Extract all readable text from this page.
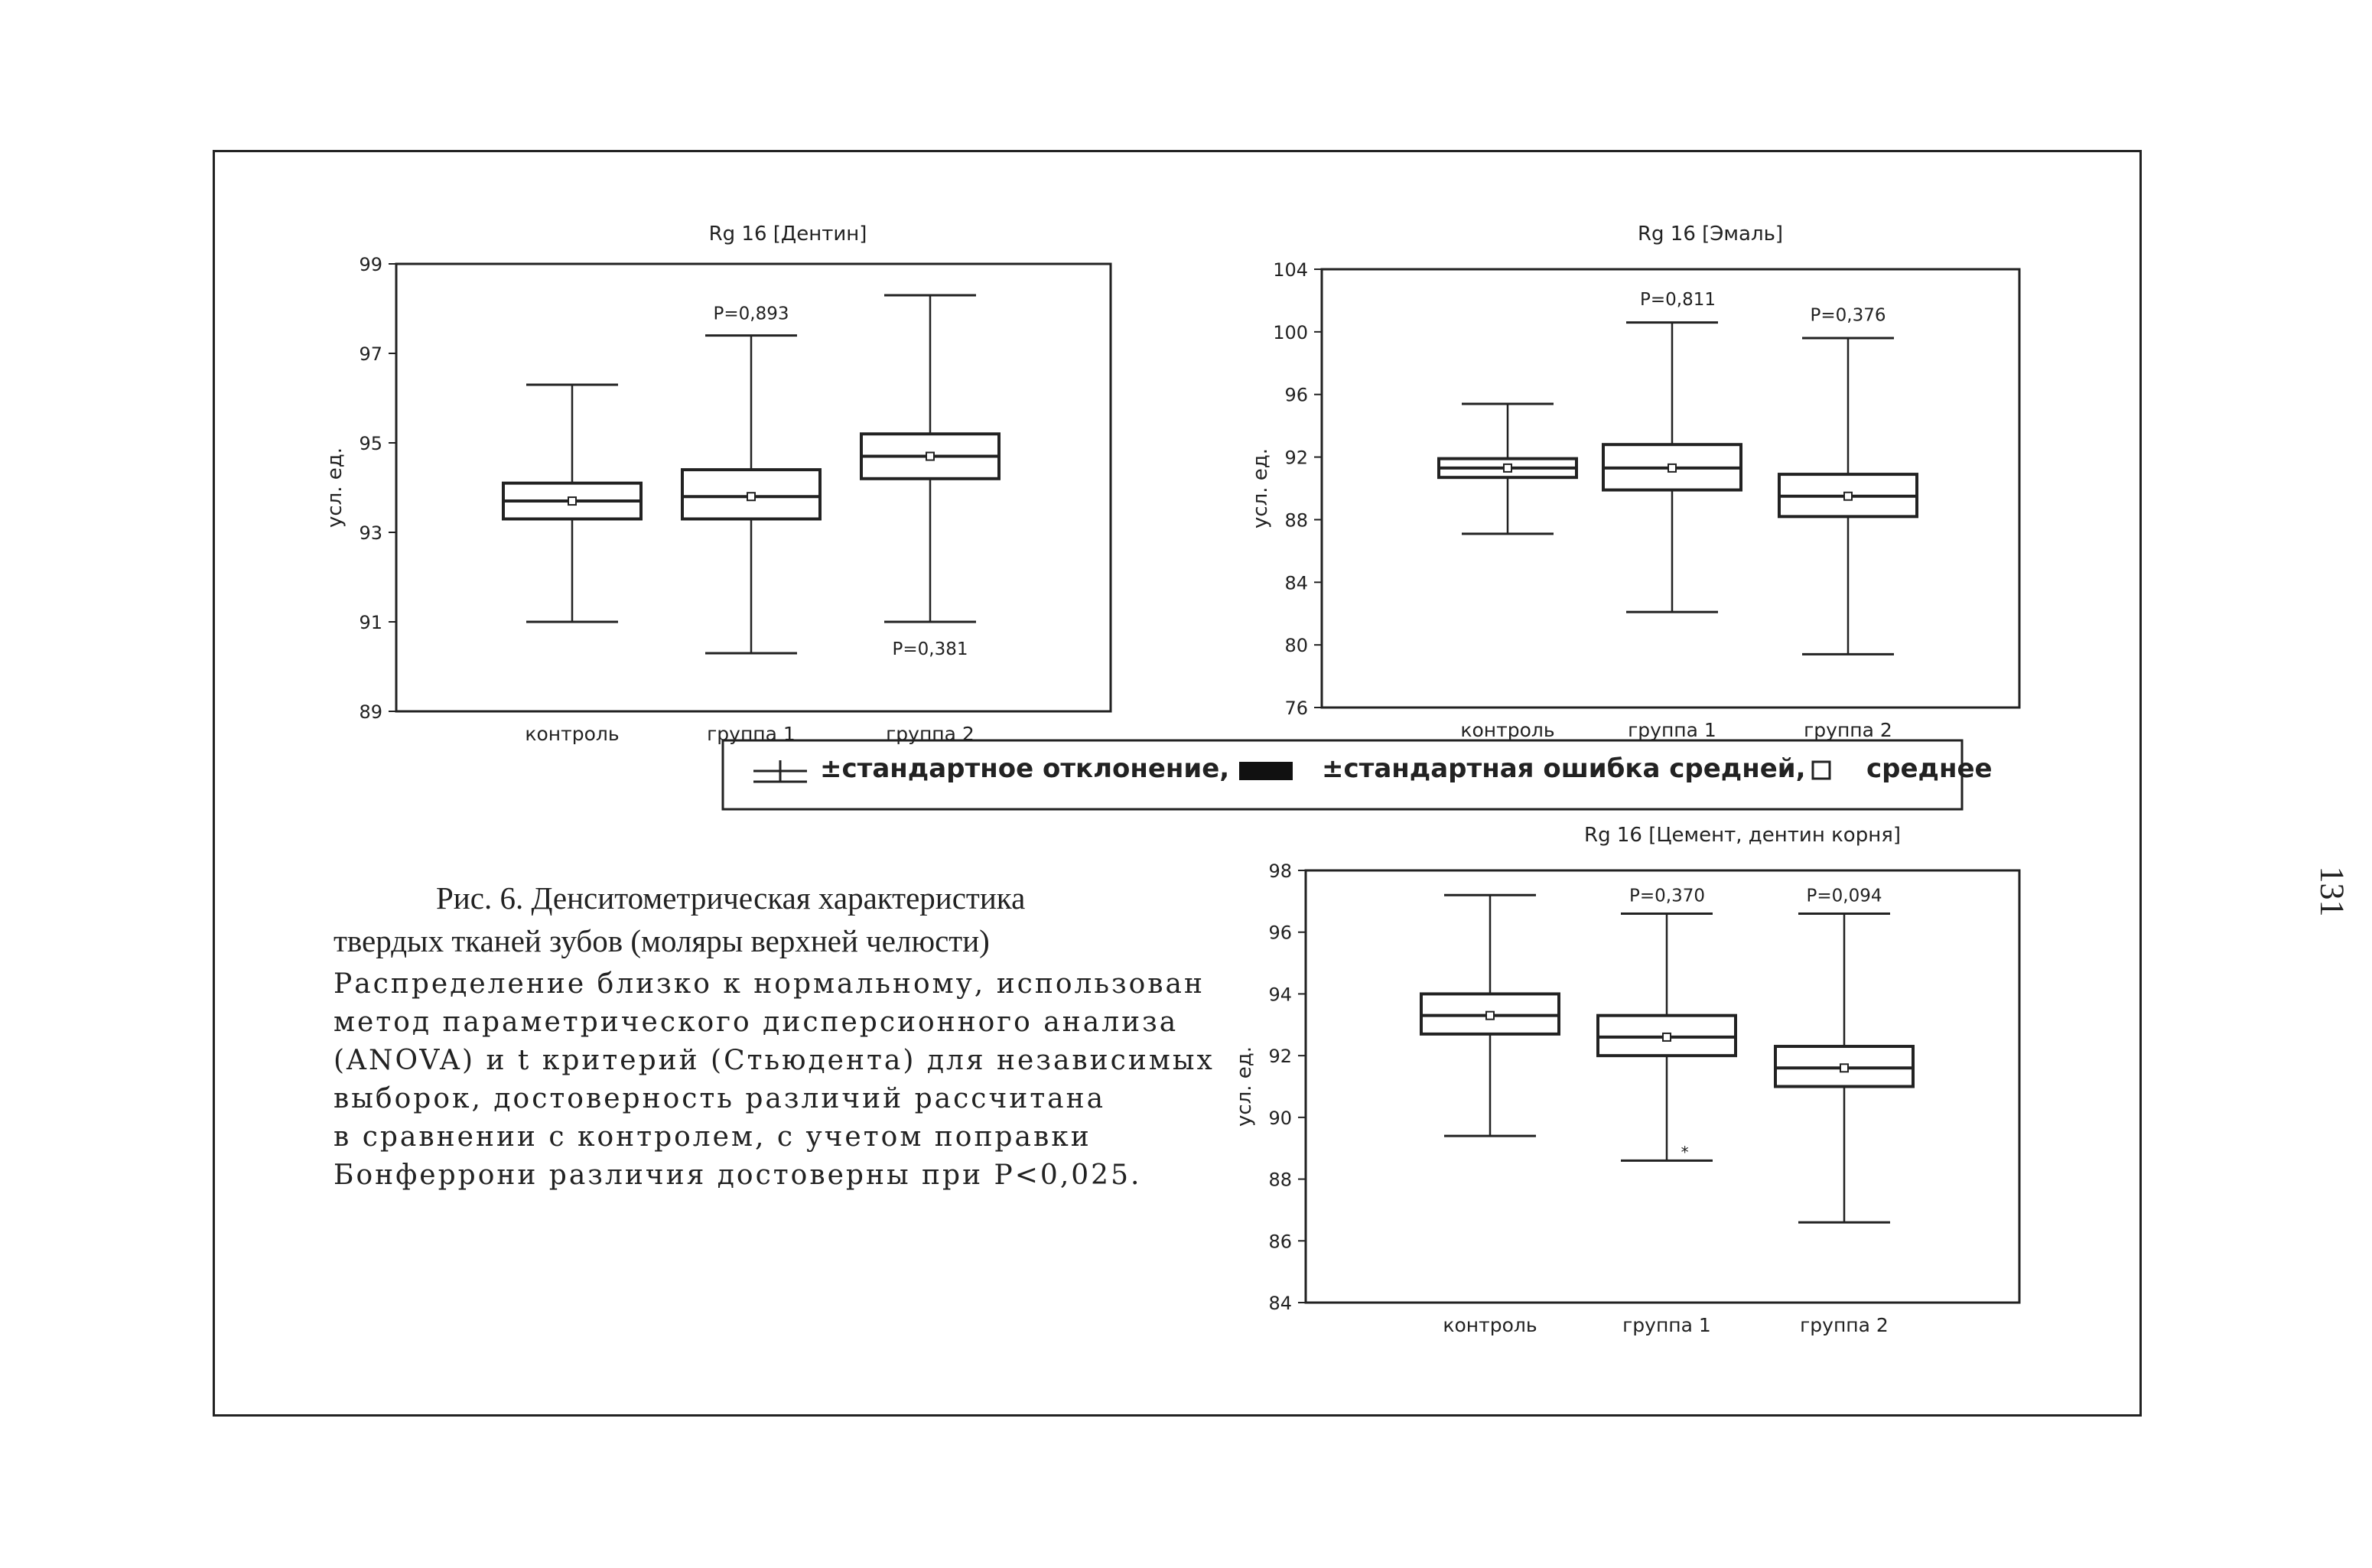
Rg 16 [Дентин]
89
91
93
95
97
99
усл. ед.
контроль	группа 1	группа 2
P=0,893
P=0,381
Rg 16 [Эмаль]
76
80
84
88
92
96
100
104
усл. ед.
контроль	группа 1	группа 2
P=0,811
P=0,376
Rg 16 [Цемент, дентин корня]
84
86
88
90
92
94
96
98
усл. ед.
контроль	группа 1	группа 2
P=0,370	P=0,094
*
±стандартное отклонение,	±стандартная ошибка средней, среднее
Рис. 6. Денситометрическая характеристика
твердых тканей зубов (моляры верхней челюсти)
Распределение близко к нормальному, использован
метод параметрического дисперсионного анализа
(ANOVA) и t критерий (Стьюдента) для независимых
выборок, достоверность различий рассчитана
в сравнении с контролем, с учетом поправки
Бонферрони различия достоверны при P<0,025.
131
